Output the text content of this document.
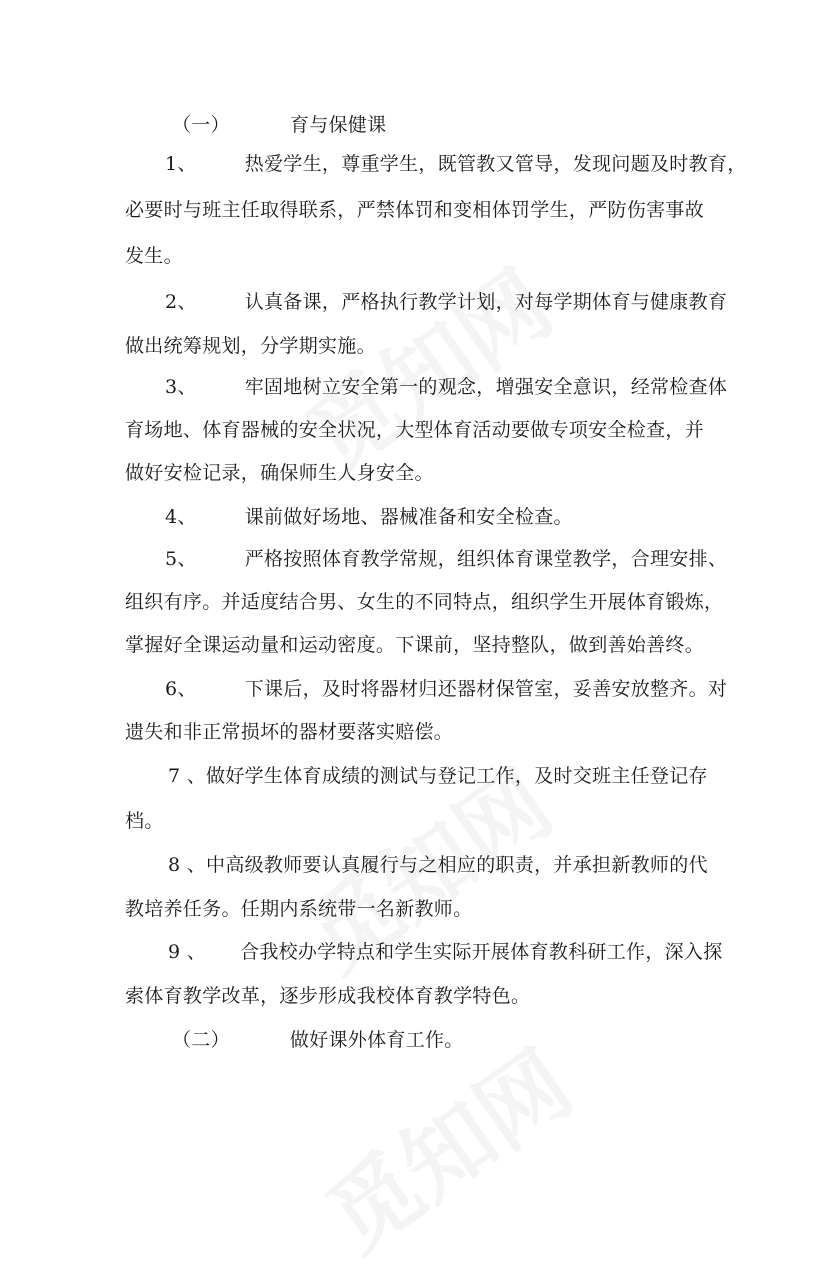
（一）	育与保健课
1、	热爱学生，尊重学生，既管教又管导，发现问题及时教育，
必要时与班主任取得联系，严禁体罚和变相体罚学生，严防伤害事故
发生。
2、	认真备课，严格执行教学计划，对每学期体育与健康教育
做出统筹规划，分学期实施。
3、	牢固地树立安全第一的观念，增强安全意识，经常检查体
育场地、体育器械的安全状况，大型体育活动要做专项安全检查，并
做好安检记录，确保师生人身安全。
4、	课前做好场地、器械准备和安全检查。
5、	严格按照体育教学常规，组织体育课堂教学，合理安排、
组织有序。并适度结合男、女生的不同特点，组织学生开展体育锻炼，
掌握好全课运动量和运动密度。下课前，坚持整队，做到善始善终。
6、	下课后，及时将器材归还器材保管室，妥善安放整齐。对
遗失和非正常损坏的器材要落实赔偿。
7 、做好学生体育成绩的测试与登记工作，及时交班主任登记存
档。
8 、中高级教师要认真履行与之相应的职责，并承担新教师的代
教培养任务。任期内系统带一名新教师。
9 、 合我校办学特点和学生实际开展体育教科研工作，深入探
索体育教学改革，逐步形成我校体育教学特色。
（二）	做好课外体育工作。
